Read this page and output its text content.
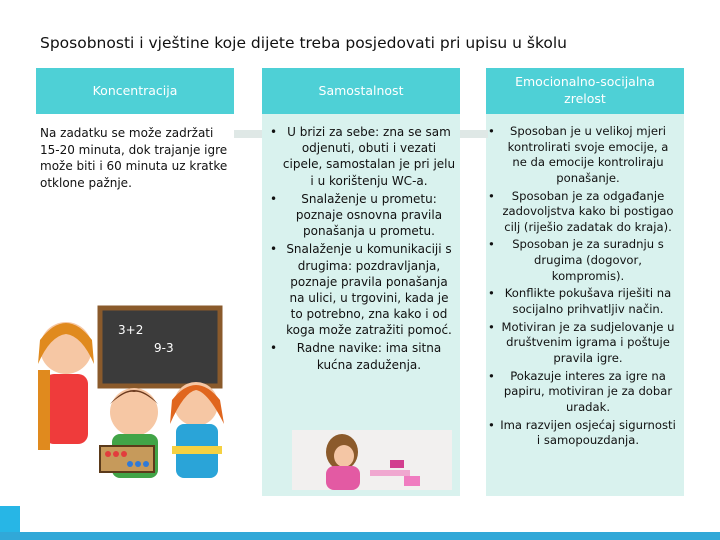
Sposobnosti i vještine koje dijete treba posjedovati pri upisu u školu
Koncentracija	Samostalnost
Emocionalno-socijalna zrelost
Na zadatku se može zadržati 15-20 minuta, dok trajanje igre može biti i 60 minuta uz kratke otklone pažnje.
• U brizi za sebe: zna se sam odjenuti, obuti i vezati cipele, samostalan je pri jelu i u korištenju WC-a.
• Snalaženje u prometu: poznaje osnovna pravila ponašanja u prometu.
• Snalaženje u komunikaciji s drugima: pozdravljanja, poznaje pravila ponašanja na ulici, u trgovini, kada je to potrebno, zna kako i od koga može zatražiti pomoć.
• Radne navike: ima sitna kućna zaduženja.
• Sposoban je u velikoj mjeri kontrolirati svoje emocije, a ne da emocije kontroliraju ponašanje.
• Sposoban je za odgađanje zadovoljstva kako bi postigao cilj (riješio zadatak do kraja).
• Sposoban je za suradnju s drugima (dogovor, kompromis).
• Konflikte pokušava riješiti na socijalno prihvatljiv način.
• Motiviran je za sudjelovanje u društvenim igrama i poštuje pravila igre.
• Pokazuje interes za igre na papiru, motiviran je za dobar uradak.
• Ima razvijen osjećaj sigurnosti i samopouzdanja.
3+2
9-3
